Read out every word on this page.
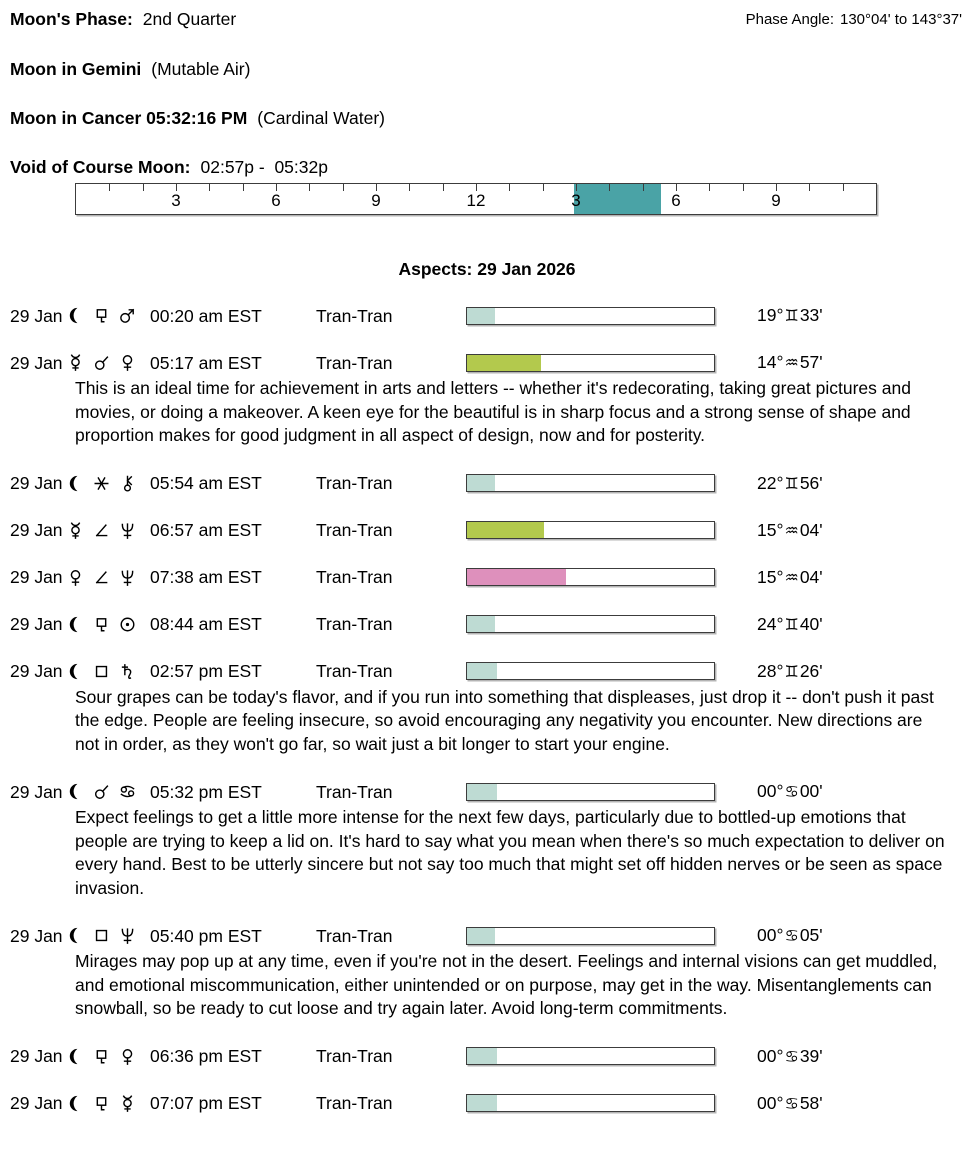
Moon's Phase: 2nd Quarter	Phase Angle: 130°04' to 143°37'
Moon in Gemini (Mutable Air)
Moon in Cancer 05:32:16 PM (Cardinal Water)
Void of Course Moon: 02:57p -  05:32p
3	6	9	12	3	6	9
Aspects: 29 Jan 2026
29 Jan	00:20 am EST	Tran-Tran	19°♊33'
29 Jan	05:17 am EST	Tran-Tran	14°♒57'

This is an ideal time for achievement in arts and letters -- whether it's redecorating, taking great pictures and movies, or doing a makeover. A keen eye for the beautiful is in sharp focus and a strong sense of shape and proportion makes for good judgment in all aspect of design, now and for posterity.

29 Jan	05:54 am EST	Tran-Tran	22°♊56'
29 Jan	06:57 am EST	Tran-Tran	15°♒04'
29 Jan	07:38 am EST	Tran-Tran	15°♒04'
29 Jan	08:44 am EST	Tran-Tran	24°♊40'
29 Jan	02:57 pm EST	Tran-Tran	28°♊26'

Sour grapes can be today's flavor, and if you run into something that displeases, just drop it -- don't push it past the edge. People are feeling insecure, so avoid encouraging any negativity you encounter. New directions are not in order, as they won't go far, so wait just a bit longer to start your engine.

29 Jan	05:32 pm EST	Tran-Tran	00°♋00'

Expect feelings to get a little more intense for the next few days, particularly due to bottled-up emotions that people are trying to keep a lid on. It's hard to say what you mean when there's so much expectation to deliver on every hand. Best to be utterly sincere but not say too much that might set off hidden nerves or be seen as space invasion.

29 Jan	05:40 pm EST	Tran-Tran	00°♋05'

Mirages may pop up at any time, even if you're not in the desert. Feelings and internal visions can get muddled, and emotional miscommunication, either unintended or on purpose, may get in the way. Misentanglements can snowball, so be ready to cut loose and try again later. Avoid long-term commitments.

29 Jan	06:36 pm EST	Tran-Tran	00°♋39'
29 Jan	07:07 pm EST	Tran-Tran	00°♋58'
